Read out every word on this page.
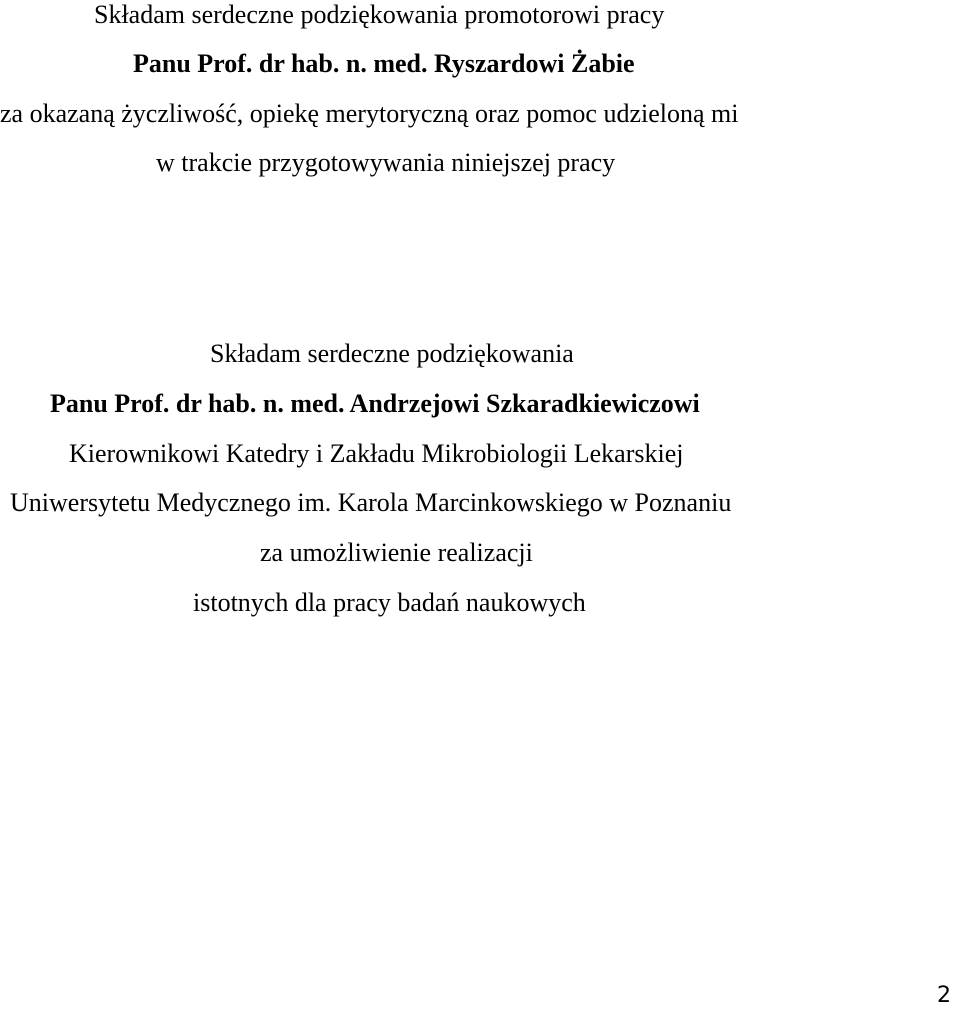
Składam serdeczne podziękowania promotorowi pracy
Panu Prof. dr hab. n. med. Ryszardowi Żabie
za okazaną życzliwość, opiekę merytoryczną oraz pomoc udzieloną mi
w trakcie przygotowywania niniejszej pracy
Składam serdeczne podziękowania
Panu Prof. dr hab. n. med. Andrzejowi Szkaradkiewiczowi
Kierownikowi Katedry i Zakładu Mikrobiologii Lekarskiej
Uniwersytetu Medycznego im. Karola Marcinkowskiego w Poznaniu
za umożliwienie realizacji
istotnych dla pracy badań naukowych
2
